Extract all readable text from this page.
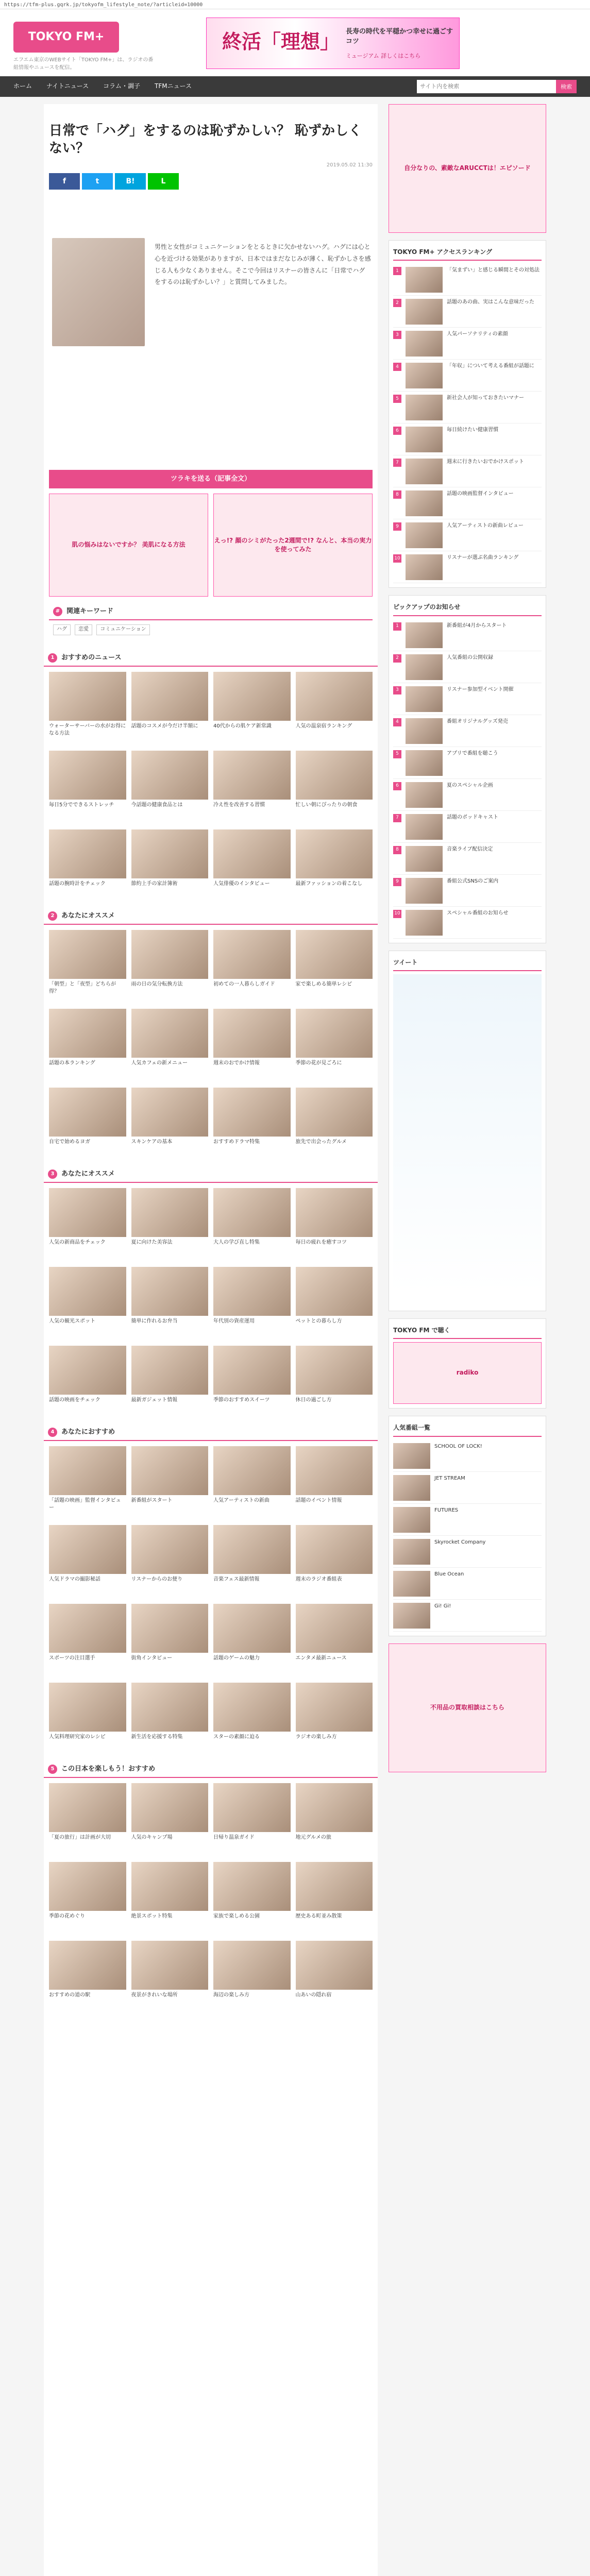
https://tfm-plus.gqrk.jp/tokyofm_lifestyle_note/?articleid=10000
TOKYO FM+
エフエム東京のWEBサイト「TOKYO FM+」は、ラジオの番組情報やニュースを配信。
終活「理想」 長寿の時代を平穏かつ幸せに過ごすコツ
ミュージアム 詳しくはこちら
ホーム ナイトニュース コラム・調子 TFMニュース
サイト内を検索	検索
日常で「ハグ」をするのは恥ずかしい？ 恥ずかしくない？
2019.05.02 11:30
f	t	B!	L
男性と女性がコミュニケーションをとるときに欠かせないハグ。ハグには心と心を近づける効果がありますが、日本ではまだなじみが薄く、恥ずかしさを感じる人も少なくありません。そこで今回はリスナーの皆さんに「日常でハグをするのは恥ずかしい？」と質問してみました。
ツラキを送る（記事全文）
肌の悩みはないですか？ 美肌になる方法
えっ!? 顔のシミがたった2週間で!? なんと、本当の実力を使ってみた
# 関連キーワード
ハグ 恋愛 コミュニケーション
1	おすすめのニュース
ウォーターサーバーの水がお得になる方法
話題のコスメが今だけ半額に	40代からの肌ケア新常識	人気の温泉宿ランキング
毎日5分でできるストレッチ	今話題の健康食品とは	冷え性を改善する習慣	忙しい朝にぴったりの朝食
話題の腕時計をチェック	節約上手の家計簿術	人気俳優のインタビュー	最新ファッションの着こなし
2	あなたにオススメ
「朝型」と「夜型」どちらが得？
雨の日の気分転換方法	初めての一人暮らしガイド	家で楽しめる簡単レシピ
話題の本ランキング	人気カフェの新メニュー	週末のおでかけ情報	季節の花が見ごろに
自宅で始めるヨガ	スキンケアの基本	おすすめドラマ特集	旅先で出会ったグルメ
3	あなたにオススメ
人気の新商品をチェック	夏に向けた美容法	大人の学び直し特集	毎日の疲れを癒すコツ
人気の観光スポット	簡単に作れるお弁当	年代別の資産運用	ペットとの暮らし方
話題の映画をチェック	最新ガジェット情報	季節のおすすめスイーツ	休日の過ごし方
4	あなたにおすすめ
「話題の映画」監督インタビュー
新番組がスタート	人気アーティストの新曲	話題のイベント情報
人気ドラマの撮影秘話	リスナーからのお便り	音楽フェス最新情報	週末のラジオ番組表
スポーツの注目選手	街角インタビュー	話題のゲームの魅力	エンタメ最新ニュース
人気料理研究家のレシピ	新生活を応援する特集	スターの素顔に迫る	ラジオの楽しみ方
5	この日本を楽しもう！おすすめ
「夏の旅行」は計画が大切	人気のキャンプ場	日帰り温泉ガイド	地元グルメの旅
季節の花めぐり	絶景スポット特集	家族で楽しめる公園	歴史ある町並み散策
おすすめの道の駅	夜景がきれいな場所	海辺の楽しみ方	山あいの隠れ宿
自分なりの、素敵なARUCCTは！エピソード
TOKYO FM+ アクセスランキング
1	「気まずい」と感じる瞬間とその対処法
2	話題のあの曲、実はこんな意味だった
3	人気パーソナリティの素顔
4	「年収」について考える番組が話題に
5	新社会人が知っておきたいマナー
6	毎日続けたい健康習慣
7	週末に行きたいおでかけスポット
8	話題の映画監督インタビュー
9	人気アーティストの新曲レビュー
10	リスナーが選ぶ名曲ランキング
ピックアップのお知らせ
1	新番組が4月からスタート
2	人気番組の公開収録
3	リスナー参加型イベント開催
4	番組オリジナルグッズ発売
5	アプリで番組を聴こう
6	夏のスペシャル企画
7	話題のポッドキャスト
8	音楽ライブ配信決定
9	番組公式SNSのご案内
10	スペシャル番組のお知らせ
ツイート
TOKYO FM で聴く
radiko
人気番組一覧
SCHOOL OF LOCK!
JET STREAM
FUTURES
Skyrocket Company
Blue Ocean
Gi! Gi!
不用品の買取相談はこちら
